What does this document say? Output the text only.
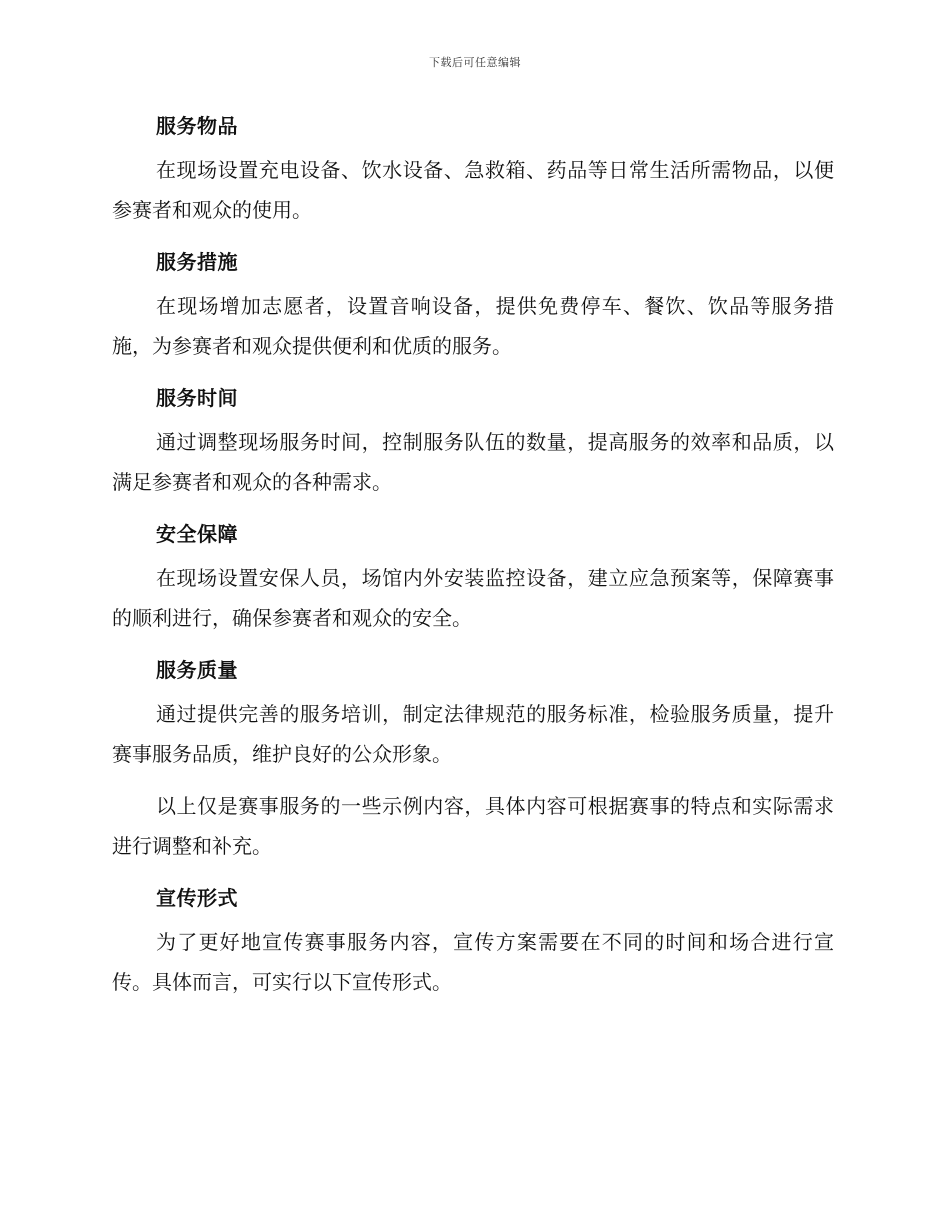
下载后可任意编辑
服务物品
在现场设置充电设备、饮水设备、急救箱、药品等日常生活所需物品，以便参赛者和观众的使用。
服务措施
在现场增加志愿者，设置音响设备，提供免费停车、餐饮、饮品等服务措施，为参赛者和观众提供便利和优质的服务。
服务时间
通过调整现场服务时间，控制服务队伍的数量，提高服务的效率和品质，以满足参赛者和观众的各种需求。
安全保障
在现场设置安保人员，场馆内外安装监控设备，建立应急预案等，保障赛事的顺利进行，确保参赛者和观众的安全。
服务质量
通过提供完善的服务培训，制定法律规范的服务标准，检验服务质量，提升赛事服务品质，维护良好的公众形象。
以上仅是赛事服务的一些示例内容，具体内容可根据赛事的特点和实际需求进行调整和补充。
宣传形式
为了更好地宣传赛事服务内容，宣传方案需要在不同的时间和场合进行宣传。具体而言，可实行以下宣传形式。
